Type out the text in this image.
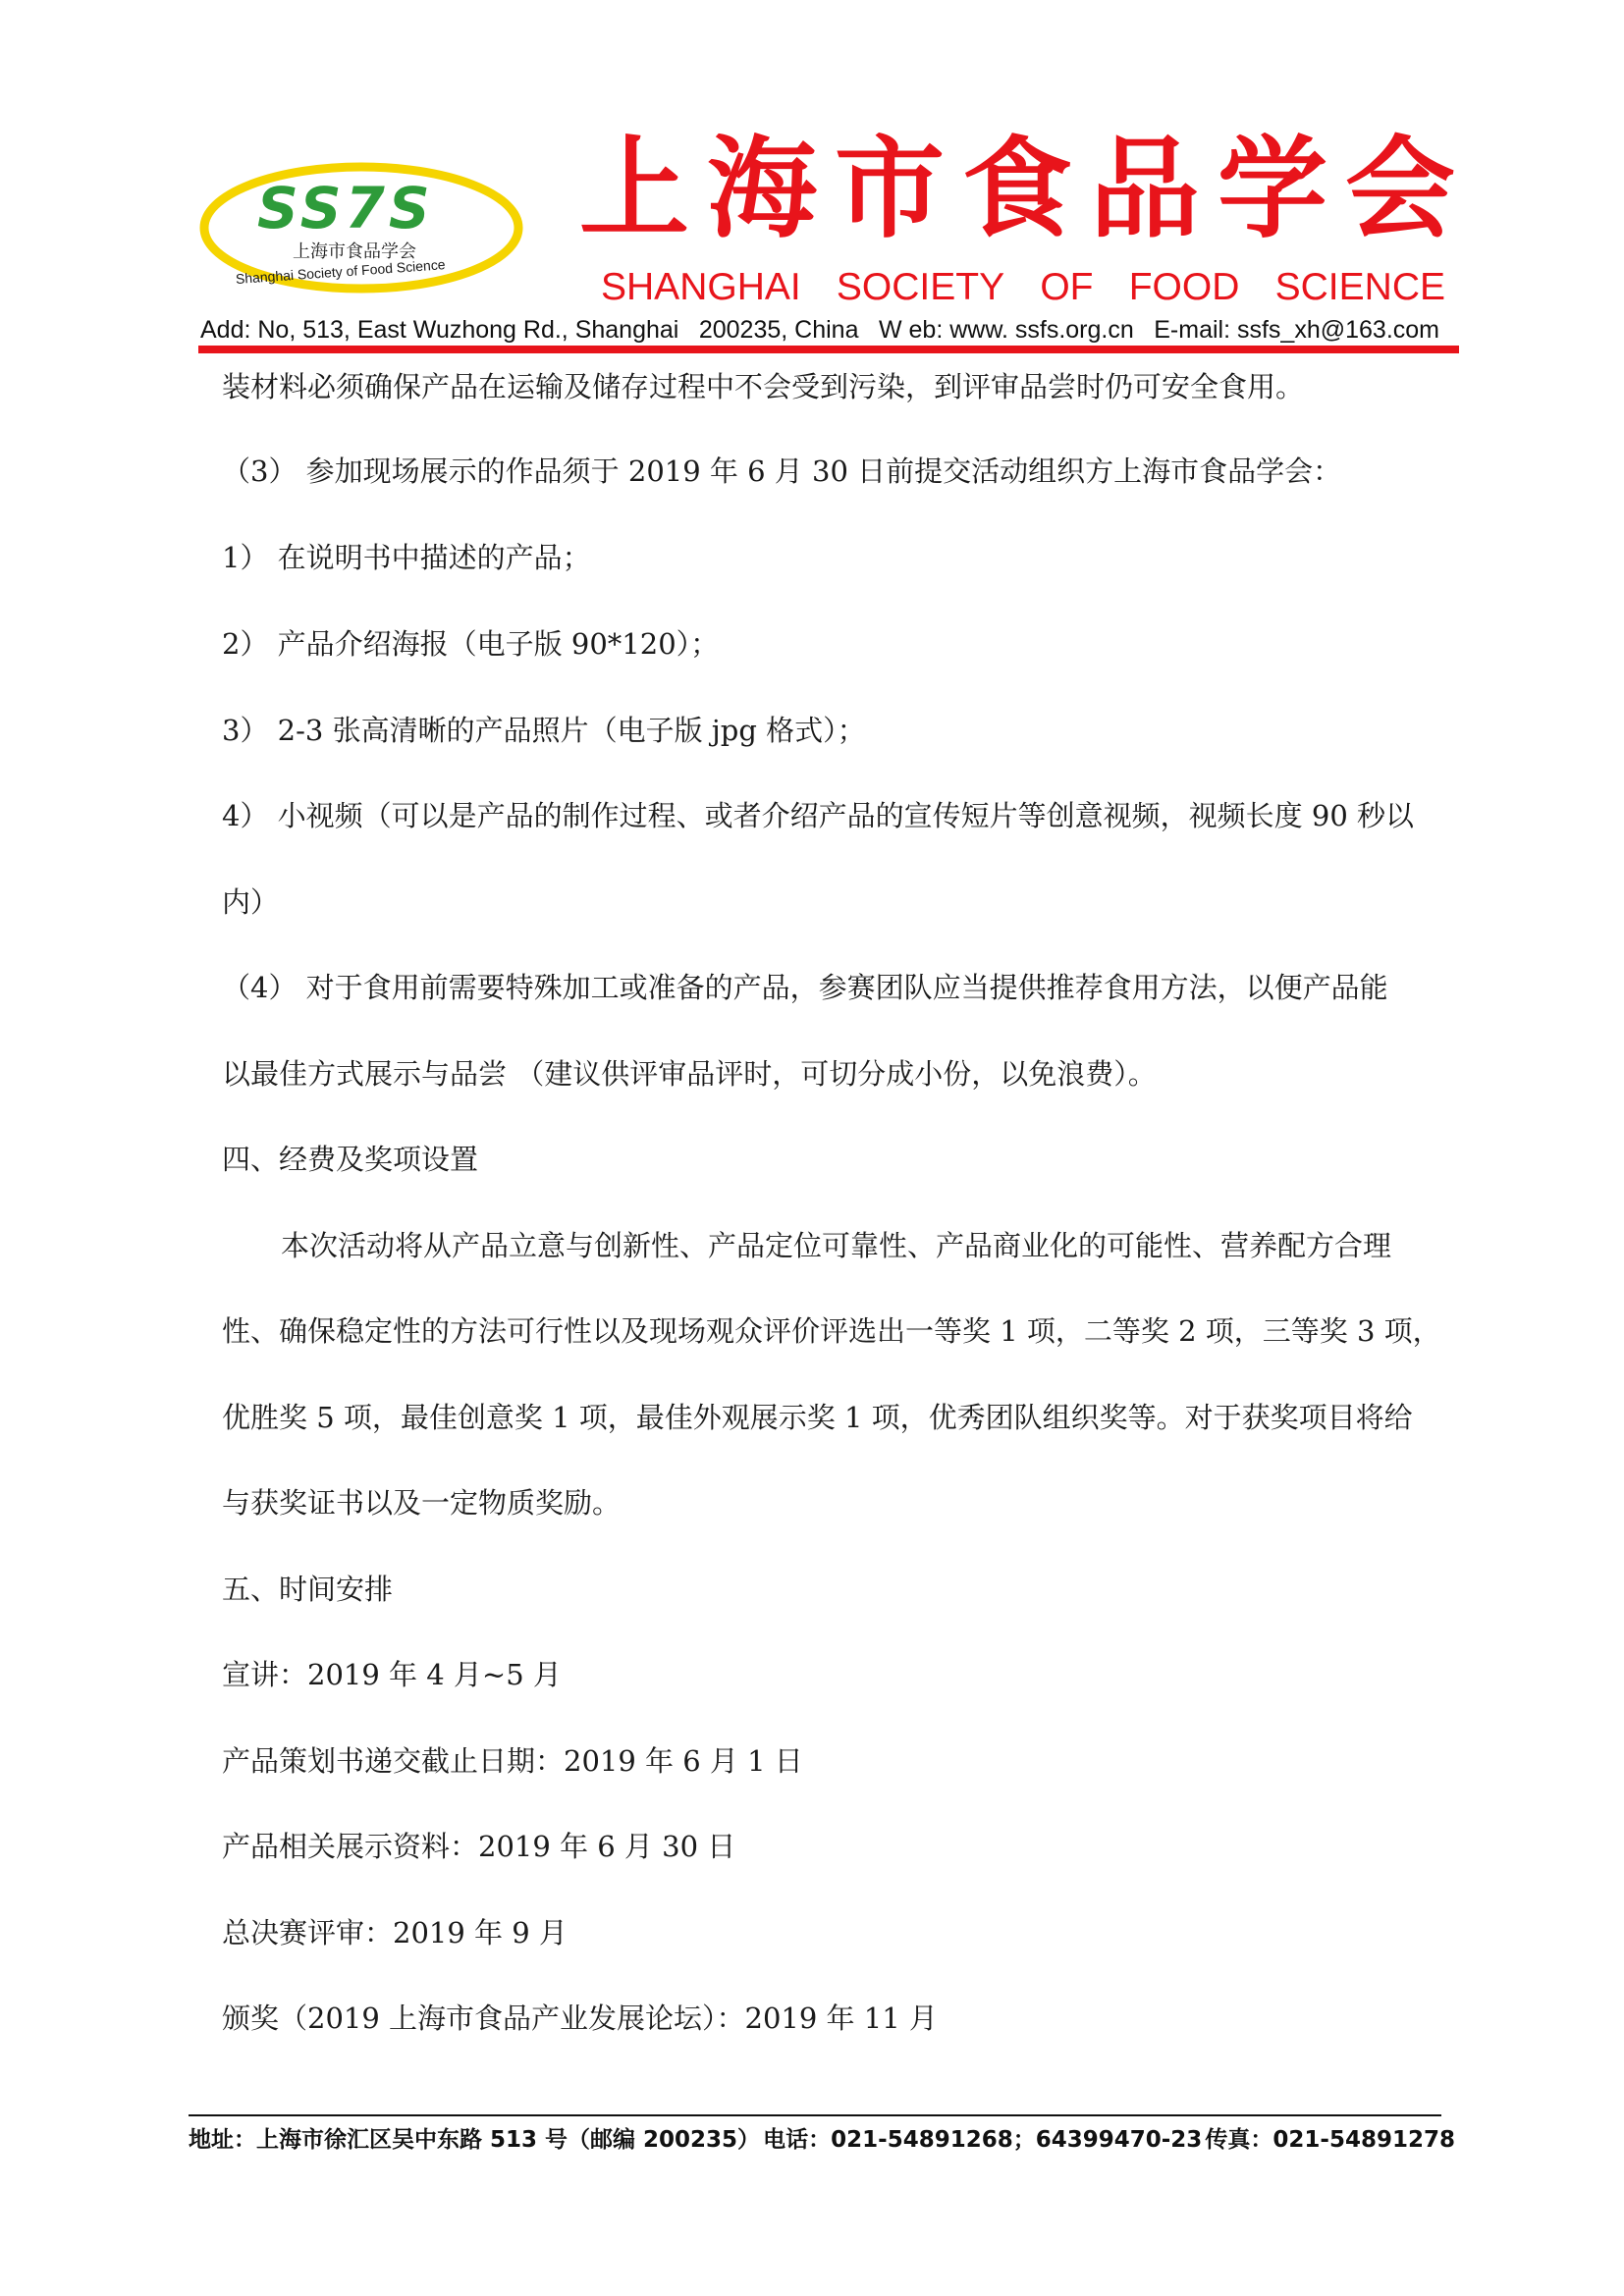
SS7S
上海市食品学会
Shanghai Society of Food Science
上海市食品学会
SHANGHAI SOCIETY OF FOOD SCIENCE
Add: No, 513, East Wuzhong Rd., Shanghai 200235, China W eb: www. ssfs.org.cn E-mail: ssfs_xh@163.com
装材料必须确保产品在运输及储存过程中不会受到污染，到评审品尝时仍可安全食用。
（3） 参加现场展示的作品须于 2019 年 6 月 30 日前提交活动组织方上海市食品学会：
1） 在说明书中描述的产品；
2） 产品介绍海报（电子版 90*120）；
3） 2-3 张高清晰的产品照片（电子版 jpg 格式）；
4） 小视频（可以是产品的制作过程、或者介绍产品的宣传短片等创意视频，视频长度 90 秒以
内）
（4） 对于食用前需要特殊加工或准备的产品，参赛团队应当提供推荐食用方法，以便产品能
以最佳方式展示与品尝 （建议供评审品评时，可切分成小份，以免浪费）。
四、经费及奖项设置
本次活动将从产品立意与创新性、产品定位可靠性、产品商业化的可能性、营养配方合理
性、确保稳定性的方法可行性以及现场观众评价评选出一等奖 1 项，二等奖 2 项，三等奖 3 项，
优胜奖 5 项，最佳创意奖 1 项，最佳外观展示奖 1 项，优秀团队组织奖等。对于获奖项目将给
与获奖证书以及一定物质奖励。
五、时间安排
宣讲：2019 年 4 月~5 月
产品策划书递交截止日期：2019 年 6 月 1 日
产品相关展示资料：2019 年 6 月 30 日
总决赛评审：2019 年 9 月
颁奖（2019 上海市食品产业发展论坛）：2019 年 11 月
地址：上海市徐汇区吴中东路 513 号（邮编 200235） 电话：021-54891268；64399470-23 传真：021-54891278
